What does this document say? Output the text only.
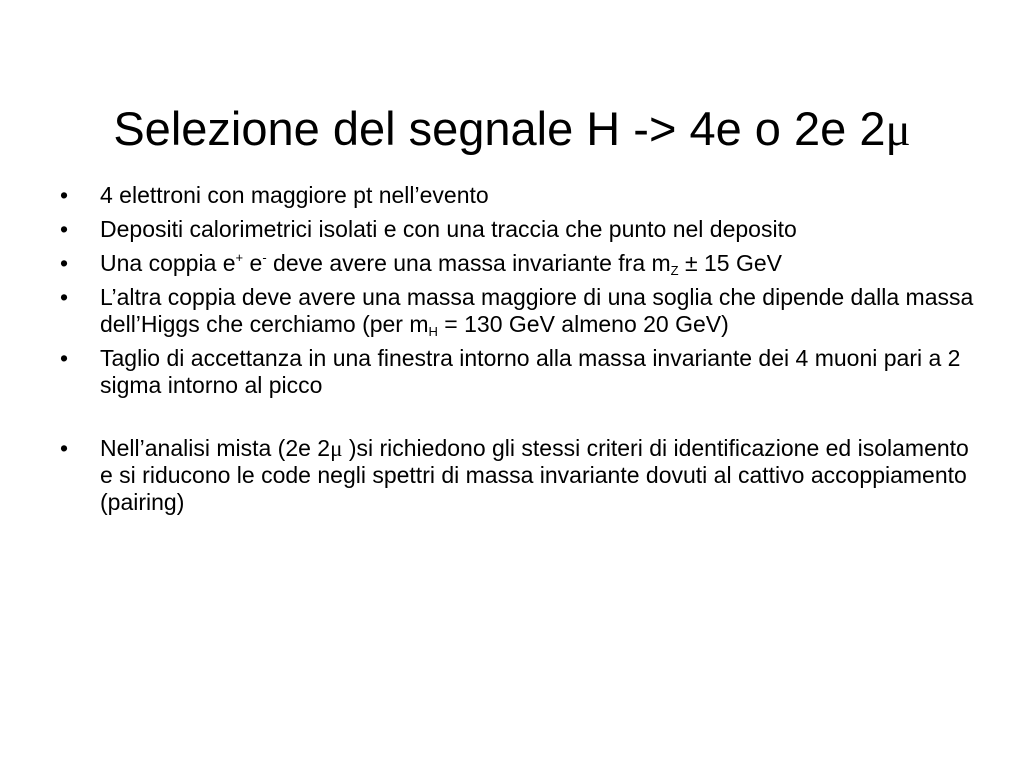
Selezione del segnale H -> 4e o 2e 2μ
• 4 elettroni con maggiore pt nell’evento
• Depositi calorimetrici isolati e con una traccia che punto nel deposito
• Una coppia e+ e- deve avere una massa invariante fra $m_Z \pm 15$ GeV
• L’altra coppia deve avere una massa maggiore di una soglia che dipende dalla massa dell’Higgs che cerchiamo (per $m_H = 130$ GeV almeno 20 GeV)
• Taglio di accettanza in una finestra intorno alla massa invariante dei 4 muoni pari a 2 sigma intorno al picco
• Nell’analisi mista (2e 2μ )si richiedono gli stessi criteri di identificazione ed isolamento e si riducono le code negli spettri di massa invariante dovuti al cattivo accoppiamento (pairing)
